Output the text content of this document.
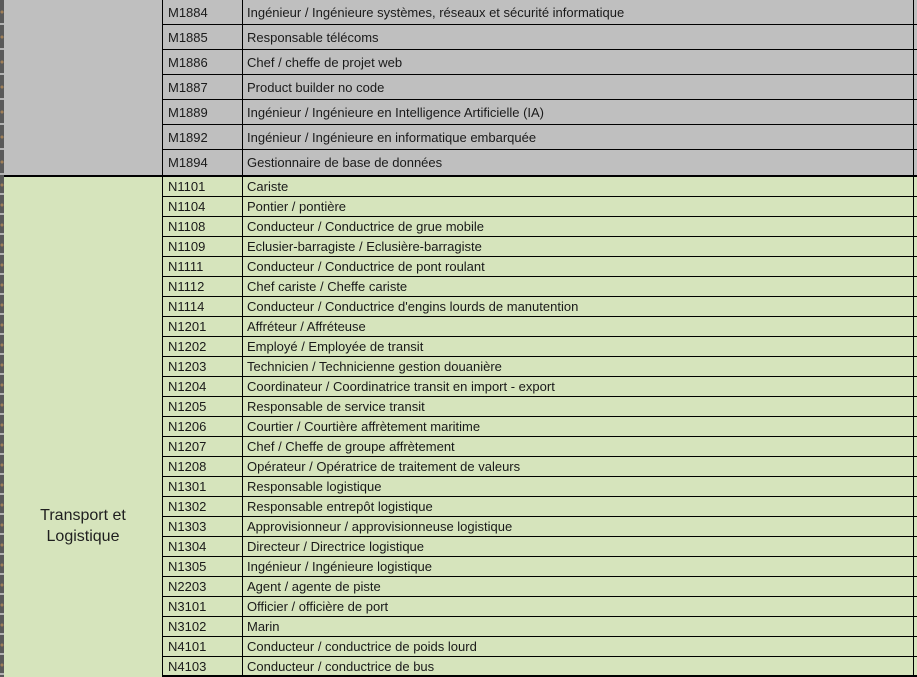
M1884	Ingénieur / Ingénieure systèmes, réseaux et sécurité informatique
M1885	Responsable télécoms
M1886	Chef / cheffe de projet web
M1887	Product builder no code
M1889	Ingénieur / Ingénieure en Intelligence Artificielle (IA)
M1892	Ingénieur / Ingénieure en informatique embarquée
M1894	Gestionnaire de base de données
Transport et Logistique
N1101	Cariste
N1104	Pontier / pontière
N1108	Conducteur / Conductrice de grue mobile
N1109	Eclusier-barragiste / Eclusière-barragiste
N1111	Conducteur / Conductrice de pont roulant
N1112	Chef cariste / Cheffe cariste
N1114	Conducteur / Conductrice d'engins lourds de manutention
N1201	Affréteur / Affréteuse
N1202	Employé / Employée de transit
N1203	Technicien / Technicienne gestion douanière
N1204	Coordinateur / Coordinatrice transit en import - export
N1205	Responsable de service transit
N1206	Courtier / Courtière affrètement maritime
N1207	Chef / Cheffe de groupe affrètement
N1208	Opérateur / Opératrice de traitement de valeurs
N1301	Responsable logistique
N1302	Responsable entrepôt logistique
N1303	Approvisionneur / approvisionneuse logistique
N1304	Directeur / Directrice logistique
N1305	Ingénieur / Ingénieure logistique
N2203	Agent / agente de piste
N3101	Officier / officière de port
N3102	Marin
N4101	Conducteur / conductrice de poids lourd
N4103	Conducteur / conductrice de bus
